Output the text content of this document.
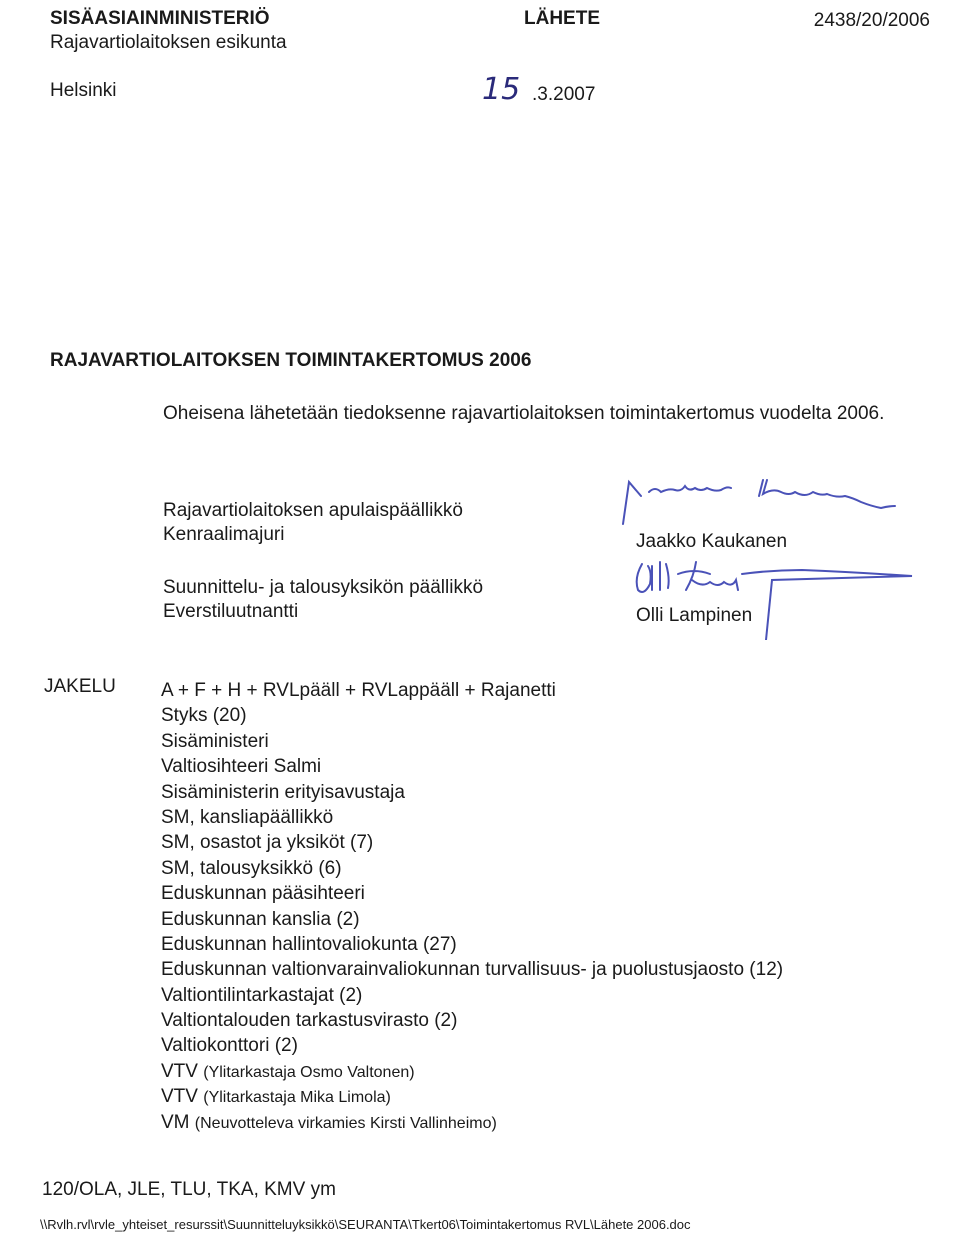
SISÄASIAINMINISTERIÖ
Rajavartiolaitoksen esikunta
LÄHETE	2438/20/2006
Helsinki	15 .3.2007
RAJAVARTIOLAITOKSEN TOIMINTAKERTOMUS 2006
Oheisena lähetetään tiedoksenne rajavartiolaitoksen toimintakertomus vuodelta 2006.
Rajavartiolaitoksen apulaispäällikkö
Kenraalimajuri	Jaakko Kaukanen
Suunnittelu- ja talousyksikön päällikkö
Everstiluutnantti	Olli Lampinen
JAKELU A + F + H + RVLpääll + RVLappääll + Rajanetti
Styks (20)
Sisäministeri
Valtiosihteeri Salmi
Sisäministerin erityisavustaja
SM, kansliapäällikkö
SM, osastot ja yksiköt (7)
SM, talousyksikkö (6)
Eduskunnan pääsihteeri
Eduskunnan kanslia (2)
Eduskunnan hallintovaliokunta (27)
Eduskunnan valtionvarainvaliokunnan turvallisuus- ja puolustusjaosto (12)
Valtiontilintarkastajat (2)
Valtiontalouden tarkastusvirasto (2)
Valtiokonttori (2)
VTV (Ylitarkastaja Osmo Valtonen)
VTV (Ylitarkastaja Mika Limola)
VM (Neuvotteleva virkamies Kirsti Vallinheimo)
120/OLA, JLE, TLU, TKA, KMV ym
\\Rvlh.rvl\rvle_yhteiset_resurssit\Suunnitteluyksikkö\SEURANTA\Tkert06\Toimintakertomus RVL\Lähete 2006.doc
